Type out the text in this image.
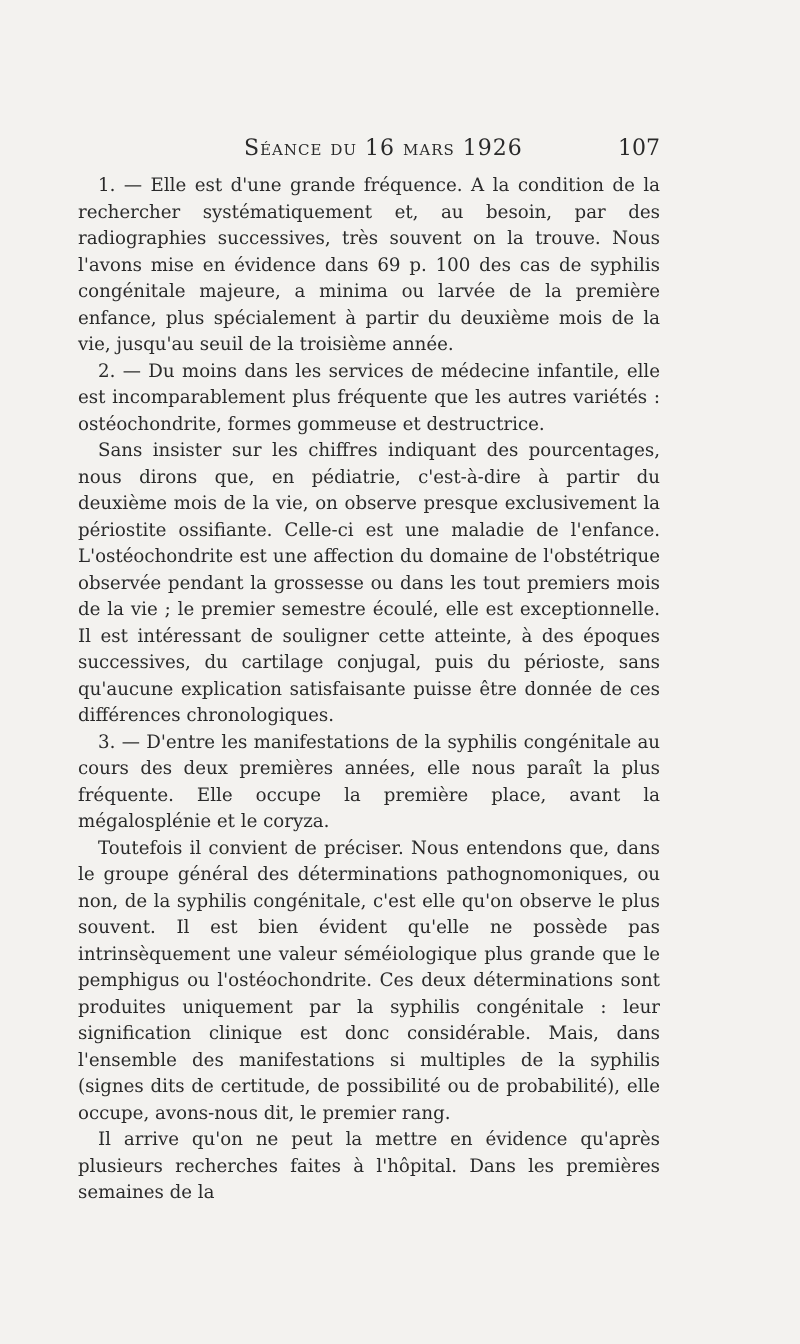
Séance du 16 mars 1926	107

1. — Elle est d'une grande fréquence. A la condition de la rechercher systématiquement et, au besoin, par des radiographies successives, très souvent on la trouve. Nous l'avons mise en évidence dans 69 p. 100 des cas de syphilis congénitale majeure, a minima ou larvée de la première enfance, plus spécialement à partir du deuxième mois de la vie, jusqu'au seuil de la troisième année.

2. — Du moins dans les services de médecine infantile, elle est incomparablement plus fréquente que les autres variétés : ostéochondrite, formes gommeuse et destructrice.

Sans insister sur les chiffres indiquant des pourcentages, nous dirons que, en pédiatrie, c'est-à-dire à partir du deuxième mois de la vie, on observe presque exclusivement la périostite ossifiante. Celle-ci est une maladie de l'enfance. L'ostéochondrite est une affection du domaine de l'obstétrique observée pendant la grossesse ou dans les tout premiers mois de la vie ; le premier semestre écoulé, elle est exceptionnelle. Il est intéressant de souligner cette atteinte, à des époques successives, du cartilage conjugal, puis du périoste, sans qu'aucune explication satisfaisante puisse être donnée de ces différences chronologiques.

3. — D'entre les manifestations de la syphilis congénitale au cours des deux premières années, elle nous paraît la plus fréquente. Elle occupe la première place, avant la mégalosplénie et le coryza.

Toutefois il convient de préciser. Nous entendons que, dans le groupe général des déterminations pathognomoniques, ou non, de la syphilis congénitale, c'est elle qu'on observe le plus souvent. Il est bien évident qu'elle ne possède pas intrinsèquement une valeur séméiologique plus grande que le pemphigus ou l'ostéochondrite. Ces deux déterminations sont produites uniquement par la syphilis congénitale : leur signification clinique est donc considérable. Mais, dans l'ensemble des manifestations si multiples de la syphilis (signes dits de certitude, de possibilité ou de probabilité), elle occupe, avons-nous dit, le premier rang.

Il arrive qu'on ne peut la mettre en évidence qu'après plusieurs recherches faites à l'hôpital. Dans les premières semaines de la
